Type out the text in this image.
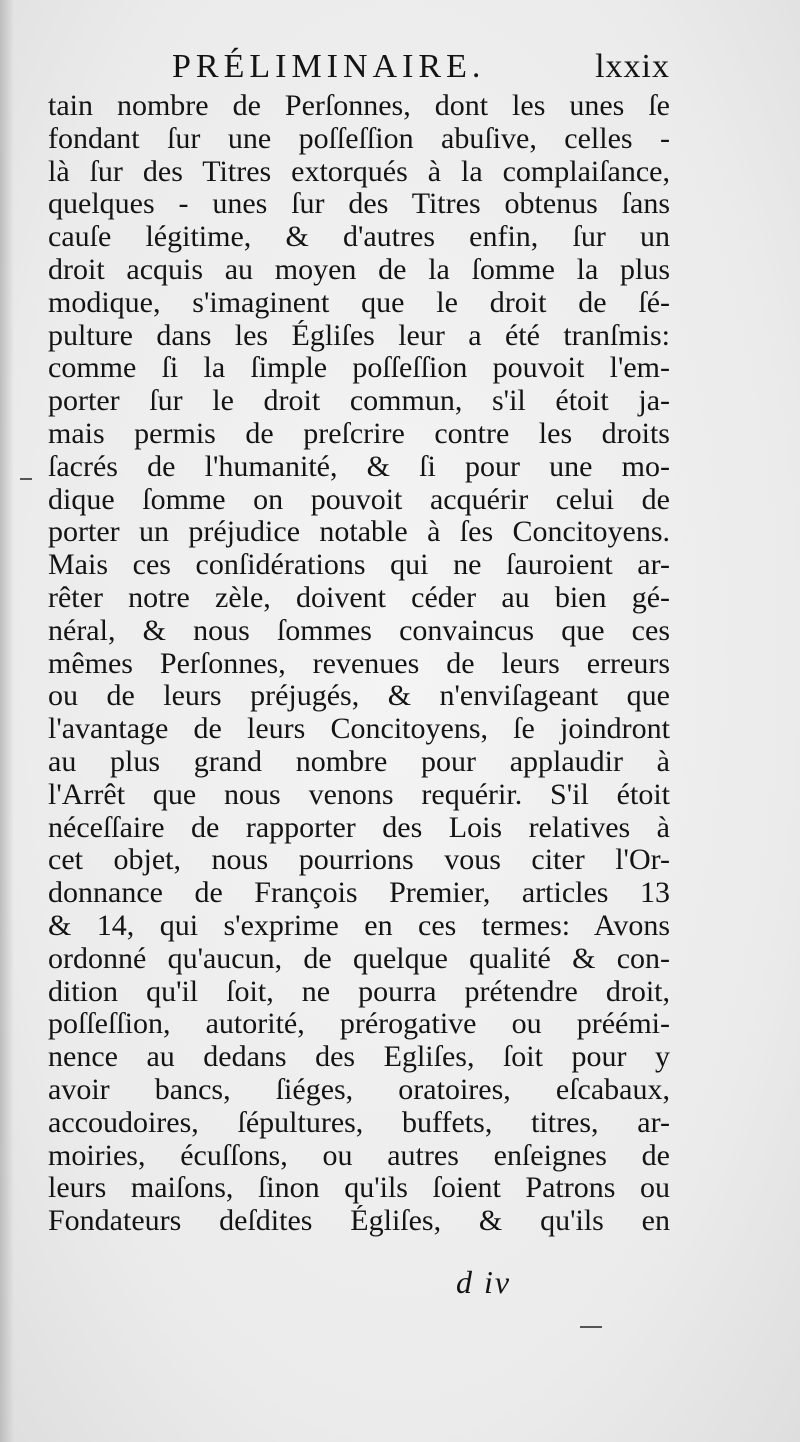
PRÉLIMINAIRE.	lxxix
tain nombre de Perſonnes, dont les unes ſe
fondant ſur une poſſeſſion abuſive, celles -
là ſur des Titres extorqués à la complaiſance,
quelques - unes ſur des Titres obtenus ſans
cauſe légitime, & d'autres enfin, ſur un
droit acquis au moyen de la ſomme la plus
modique, s'imaginent que le droit de ſé-
pulture dans les Égliſes leur a été tranſmis:
comme ſi la ſimple poſſeſſion pouvoit l'em-
porter ſur le droit commun, s'il étoit ja-
mais permis de preſcrire contre les droits
ſacrés de l'humanité, & ſi pour une mo-
dique ſomme on pouvoit acquérir celui de
porter un préjudice notable à ſes Concitoyens.
Mais ces conſidérations qui ne ſauroient ar-
rêter notre zèle, doivent céder au bien gé-
néral, & nous ſommes convaincus que ces
mêmes Perſonnes, revenues de leurs erreurs
ou de leurs préjugés, & n'enviſageant que
l'avantage de leurs Concitoyens, ſe joindront
au plus grand nombre pour applaudir à
l'Arrêt que nous venons requérir. S'il étoit
néceſſaire de rapporter des Lois relatives à
cet objet, nous pourrions vous citer l'Or-
donnance de François Premier, articles 13
& 14, qui s'exprime en ces termes: Avons
ordonné qu'aucun, de quelque qualité & con-
dition qu'il ſoit, ne pourra prétendre droit,
poſſeſſion, autorité, prérogative ou préémi-
nence au dedans des Egliſes, ſoit pour y
avoir bancs, ſiéges, oratoires, eſcabaux,
accoudoires, ſépultures, buffets, titres, ar-
moiries, écuſſons, ou autres enſeignes de
leurs maiſons, ſinon qu'ils ſoient Patrons ou
Fondateurs deſdites Égliſes, & qu'ils en
d iv
